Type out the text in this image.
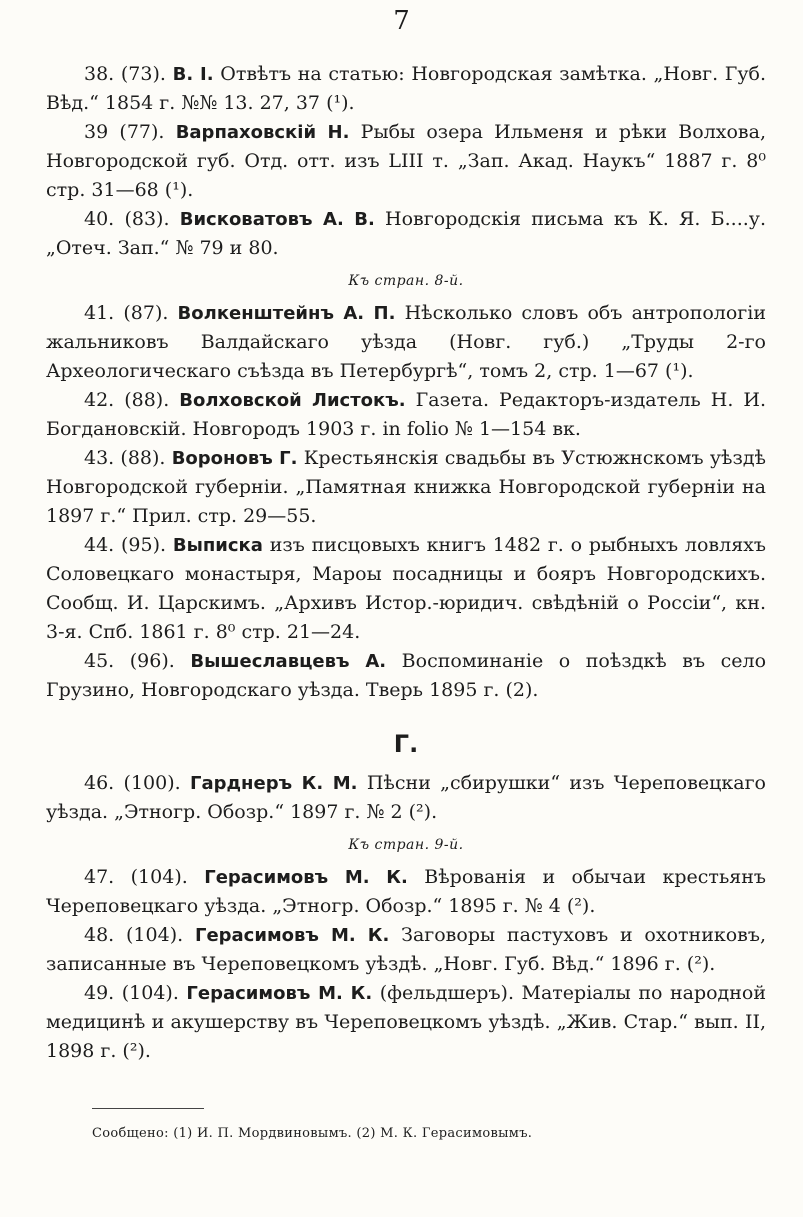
7

38. (73). В. І. Отвѣтъ на статью: Новгородская замѣтка. „Новг. Губ. Вѣд.“ 1854 г. №№ 13. 27, 37 (¹).

39 (77). Варпаховскій Н. Рыбы озера Ильменя и рѣки Волхова, Новгородской губ. Отд. отт. изъ LIII т. „Зап. Акад. Наукъ“ 1887 г. 8⁰ стр. 31—68 (¹).

40. (83). Висковатовъ А. В. Новгородскія письма къ К. Я. Б....у. „Отеч. Зап.“ № 79 и 80.

Къ стран. 8-й.

41. (87). Волкенштейнъ А. П. Нѣсколько словъ объ антропологіи жальниковъ Валдайскаго уѣзда (Новг. губ.) „Труды 2-го Археологическаго съѣзда въ Петербургѣ“, томъ 2, стр. 1—67 (¹).

42. (88). Волховской Листокъ. Газета. Редакторъ-издатель Н. И. Богдановскій. Новгородъ 1903 г. in folio № 1—154 вк.

43. (88). Вороновъ Г. Крестьянскія свадьбы въ Устюжнскомъ уѣздѣ Новгородской губерніи. „Памятная книжка Новгородской губерніи на 1897 г.“ Прил. стр. 29—55.

44. (95). Выписка изъ писцовыхъ книгъ 1482 г. о рыбныхъ ловляхъ Соловецкаго монастыря, Мароы посадницы и бояръ Новгородскихъ. Сообщ. И. Царскимъ. „Архивъ Истор.-юридич. свѣдѣній о Россіи“, кн. 3-я. Спб. 1861 г. 8⁰ стр. 21—24.

45. (96). Вышеславцевъ А. Воспоминаніе о поѣздкѣ въ село Грузино, Новгородскаго уѣзда. Тверь 1895 г. (2).

Г.

46. (100). Гарднеръ К. М. Пѣсни „сбирушки“ изъ Череповецкаго уѣзда. „Этногр. Обозр.“ 1897 г. № 2 (²).

Къ стран. 9-й.

47. (104). Герасимовъ М. К. Вѣрованія и обычаи крестьянъ Череповецкаго уѣзда. „Этногр. Обозр.“ 1895 г. № 4 (²).

48. (104). Герасимовъ М. К. Заговоры пастуховъ и охотниковъ, записанные въ Череповецкомъ уѣздѣ. „Новг. Губ. Вѣд.“ 1896 г. (²).

49. (104). Герасимовъ М. К. (фельдшеръ). Матеріалы по народной медицинѣ и акушерству въ Череповецкомъ уѣздѣ. „Жив. Стар.“ вып. II, 1898 г. (²).

Сообщено: (1) И. П. Мордвиновымъ. (2) М. К. Герасимовымъ.
